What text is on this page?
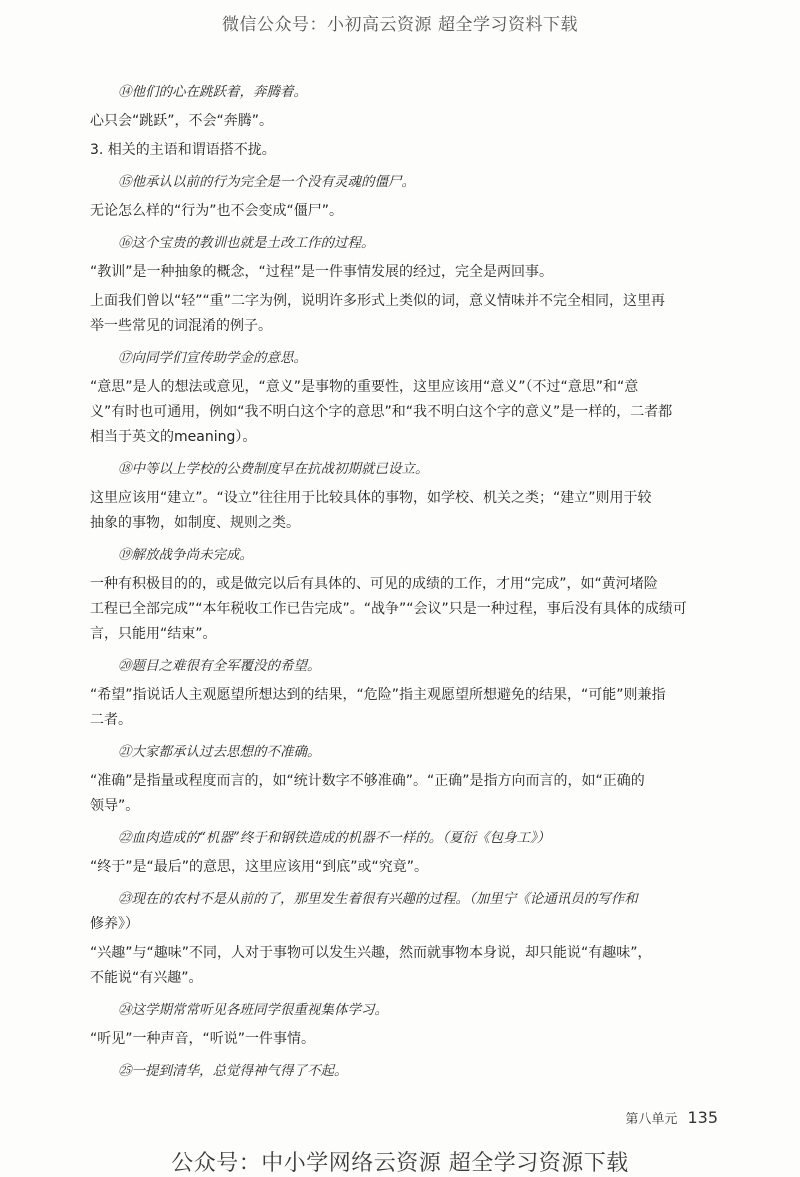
微信公众号：小初高云资源 超全学习资料下载

⑭他们的心在跳跃着，奔腾着。

心只会“跳跃”，不会“奔腾”。

3. 相关的主语和谓语搭不拢。

⑮他承认以前的行为完全是一个没有灵魂的僵尸。

无论怎么样的“行为”也不会变成“僵尸”。

⑯这个宝贵的教训也就是土改工作的过程。

“教训”是一种抽象的概念，“过程”是一件事情发展的经过，完全是两回事。

上面我们曾以“轻”“重”二字为例，说明许多形式上类似的词，意义情味并不完全相同，这里再

举一些常见的词混淆的例子。

⑰向同学们宣传助学金的意思。

“意思”是人的想法或意见，“意义”是事物的重要性，这里应该用“意义”（不过“意思”和“意

义”有时也可通用，例如“我不明白这个字的意思”和“我不明白这个字的意义”是一样的，二者都

相当于英文的meaning）。

⑱中等以上学校的公费制度早在抗战初期就已设立。

这里应该用“建立”。“设立”往往用于比较具体的事物，如学校、机关之类；“建立”则用于较

抽象的事物，如制度、规则之类。

⑲解放战争尚未完成。

一种有积极目的的，或是做完以后有具体的、可见的成绩的工作，才用“完成”，如“黄河堵险

工程已全部完成”“本年税收工作已告完成”。“战争”“会议”只是一种过程，事后没有具体的成绩可

言，只能用“结束”。

⑳题目之难很有全军覆没的希望。

“希望”指说话人主观愿望所想达到的结果，“危险”指主观愿望所想避免的结果，“可能”则兼指

二者。

㉑大家都承认过去思想的不准确。

“准确”是指量或程度而言的，如“统计数字不够准确”。“正确”是指方向而言的，如“正确的

领导”。

㉒血肉造成的“机器”终于和钢铁造成的机器不一样的。（夏衍《包身工》）

“终于”是“最后”的意思，这里应该用“到底”或“究竟”。

㉓现在的农村不是从前的了，那里发生着很有兴趣的过程。（加里宁《论通讯员的写作和

修养》）

“兴趣”与“趣味”不同，人对于事物可以发生兴趣，然而就事物本身说，却只能说“有趣味”，

不能说“有兴趣”。

㉔这学期常常听见各班同学很重视集体学习。

“听见”一种声音，“听说”一件事情。

㉕一提到清华，总觉得神气得了不起。

第八单元 135
公众号：中小学网络云资源 超全学习资源下载
